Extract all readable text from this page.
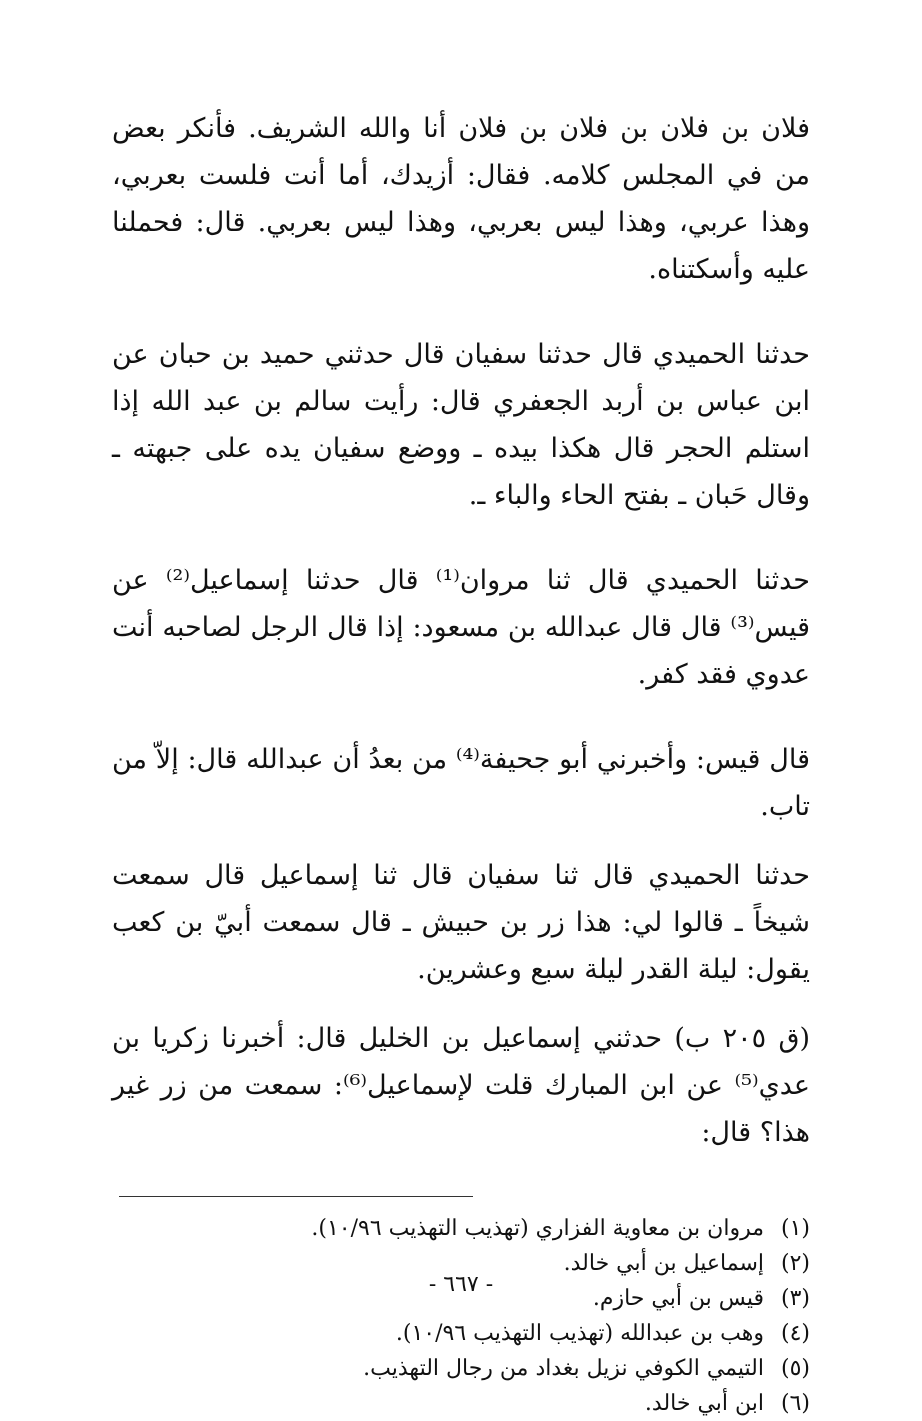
فلان بن فلان بن فلان بن فلان أنا والله الشريف. فأنكر بعض من في المجلس كلامه. فقال: أزيدك، أما أنت فلست بعربي، وهذا عربي، وهذا ليس بعربي، وهذا ليس بعربي. قال: فحملنا عليه وأسكتناه.

حدثنا الحميدي قال حدثنا سفيان قال حدثني حميد بن حبان عن ابن عباس بن أربد الجعفري قال: رأيت سالم بن عبد الله إذا استلم الحجر قال هكذا بيده ـ ووضع سفيان يده على جبهته ـ وقال حَبان ـ بفتح الحاء والباء ـ.

حدثنا الحميدي قال ثنا مروان⁽¹⁾ قال حدثنا إسماعيل⁽²⁾ عن قيس⁽³⁾ قال قال عبدالله بن مسعود: إذا قال الرجل لصاحبه أنت عدوي فقد كفر.

قال قيس: وأخبرني أبو جحيفة⁽⁴⁾ من بعدُ أن عبدالله قال: إلاّ من تاب.

حدثنا الحميدي قال ثنا سفيان قال ثنا إسماعيل قال سمعت شيخاً ـ قالوا لي: هذا زر بن حبيش ـ قال سمعت أبيّ بن كعب يقول: ليلة القدر ليلة سبع وعشرين.

(ق ٢٠٥ ب) حدثني إسماعيل بن الخليل قال: أخبرنا زكريا بن عدي⁽⁵⁾ عن ابن المبارك قلت لإسماعيل⁽⁶⁾: سمعت من زر غير هذا؟ قال:

(١)
مروان بن معاوية الفزاري (تهذيب التهذيب ١٠/٩٦).
(٢)
إسماعيل بن أبي خالد.
(٣)
قيس بن أبي حازم.
(٤)
وهب بن عبدالله (تهذيب التهذيب ١٠/٩٦).
(٥)
التيمي الكوفي نزيل بغداد من رجال التهذيب.
(٦)
ابن أبي خالد.
- ٦٦٧ -
